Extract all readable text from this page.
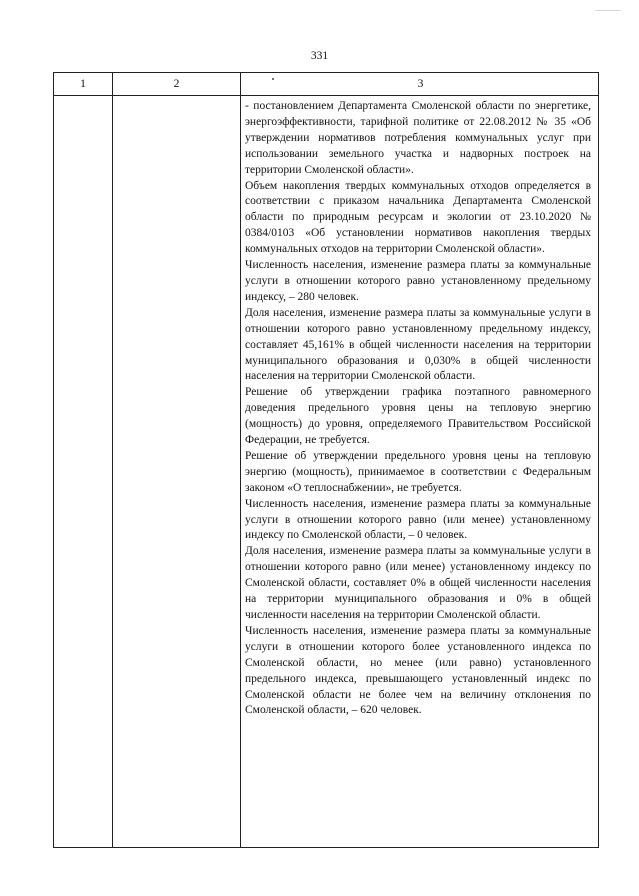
331
1	2	3

- постановлением Департамента Смоленской области по энергетике, энергоэффективности, тарифной политике от 22.08.2012 № 35 «Об утверждении нормативов потребления коммунальных услуг при использовании земельного участка и надворных построек на территории Смоленской области».

Объем накопления твердых коммунальных отходов определяется в соответствии с приказом начальника Департамента Смоленской области по природным ресурсам и экологии от 23.10.2020 № 0384/0103 «Об установлении нормативов накопления твердых коммунальных отходов на территории Смоленской области».

Численность населения, изменение размера платы за коммунальные услуги в отношении которого равно установленному предельному индексу, – 280 человек.

Доля населения, изменение размера платы за коммунальные услуги в отношении которого равно установленному предельному индексу, составляет 45,161% в общей численности населения на территории муниципального образования и 0,030% в общей численности населения на территории Смоленской области.

Решение об утверждении графика поэтапного равномерного доведения предельного уровня цены на тепловую энергию (мощность) до уровня, определяемого Правительством Российской Федерации, не требуется.

Решение об утверждении предельного уровня цены на тепловую энергию (мощность), принимаемое в соответствии с Федеральным законом «О теплоснабжении», не требуется.

Численность населения, изменение размера платы за коммунальные услуги в отношении которого равно (или менее) установленному индексу по Смоленской области, – 0 человек.

Доля населения, изменение размера платы за коммунальные услуги в отношении которого равно (или менее) установленному индексу по Смоленской области, составляет 0% в общей численности населения на территории муниципального образования и 0% в общей численности населения на территории Смоленской области.

Численность населения, изменение размера платы за коммунальные услуги в отношении которого более установленного индекса по Смоленской области, но менее (или равно) установленного предельного индекса, превышающего установленный индекс по Смоленской области не более чем на величину отклонения по Смоленской области, – 620 человек.
